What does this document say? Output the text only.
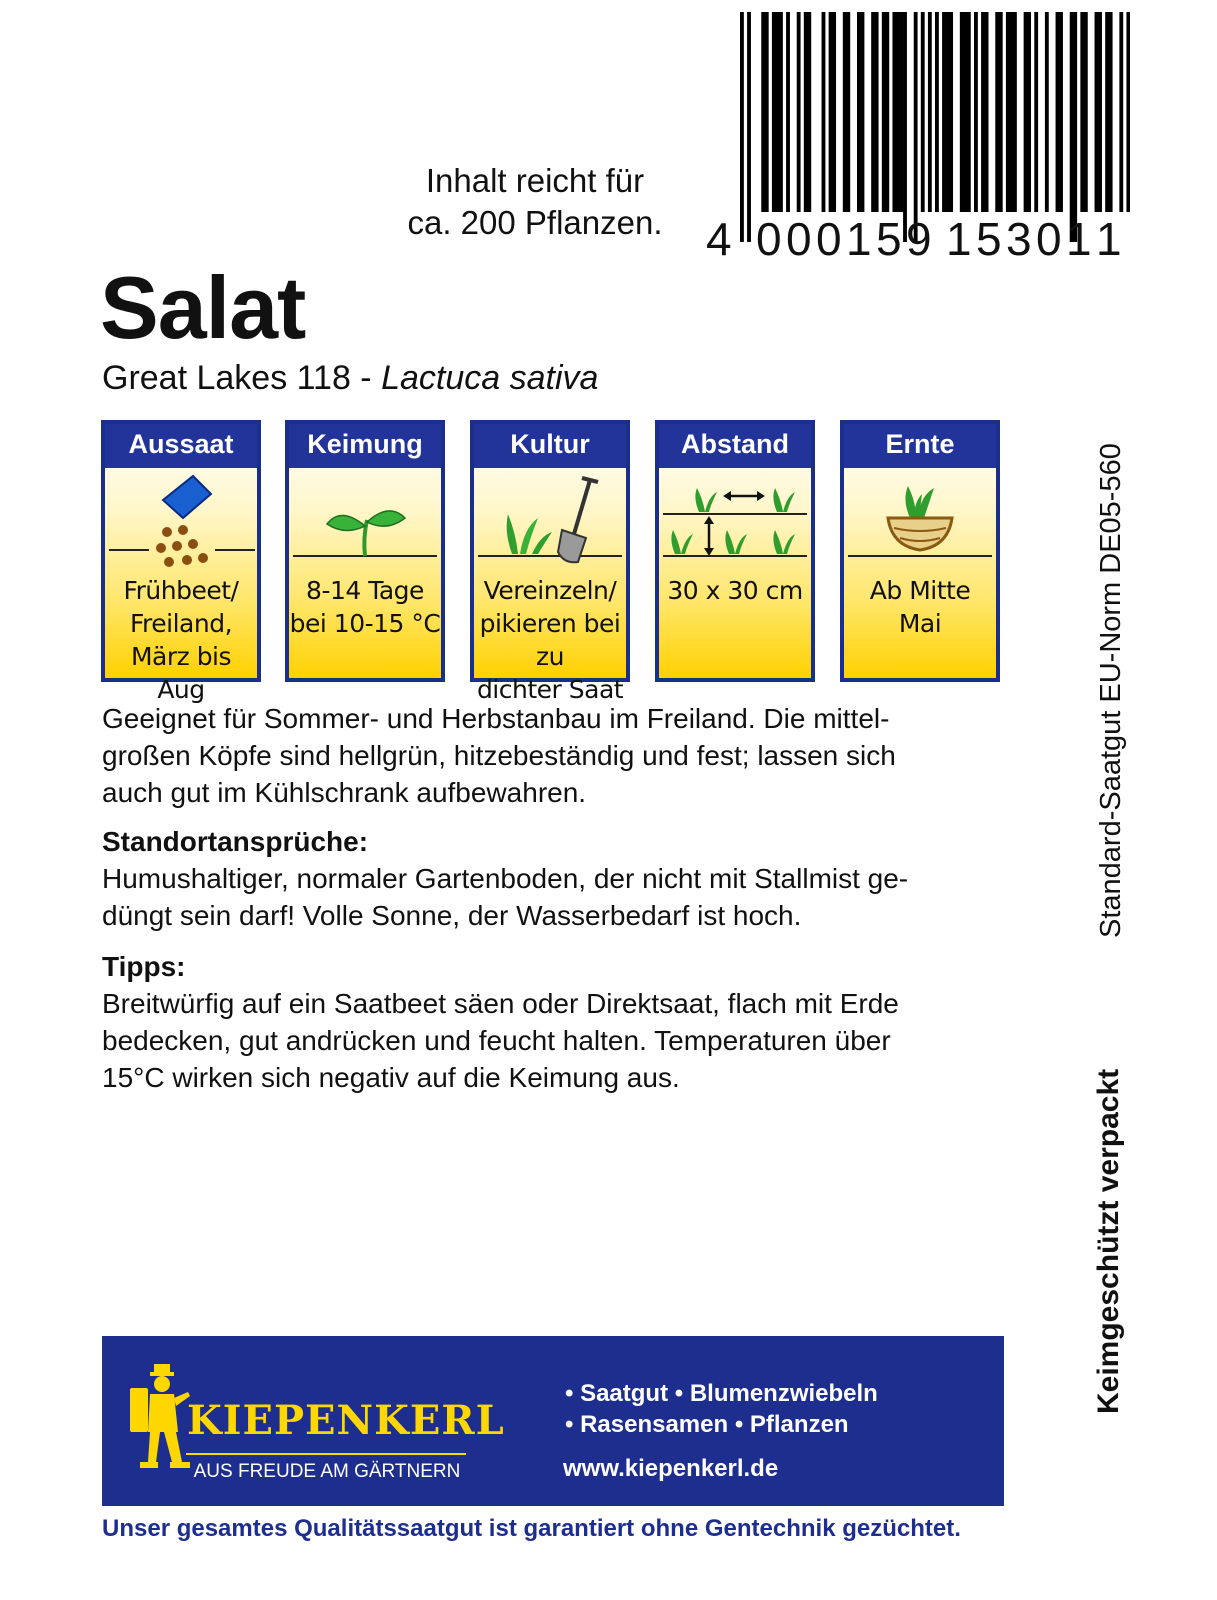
4 0 0 0 1 5 9 1 5 3 0 1 1
Inhalt reicht für
ca. 200 Pflanzen.
Salat
Great Lakes 118 - Lactuca sativa
Aussaat
Frühbeet/
Freiland,
März bis Aug
Keimung
8-14 Tage
bei 10-15 °C
Kultur
Vereinzeln/
pikieren bei zu
dichter Saat
Abstand
30 x 30 cm
Ernte
Ab Mitte
Mai
Geeignet für Sommer- und Herbstanbau im Freiland. Die mittel-
großen Köpfe sind hellgrün, hitzebeständig und fest; lassen sich
auch gut im Kühlschrank aufbewahren.
Standortansprüche:
Humushaltiger, normaler Gartenboden, der nicht mit Stallmist ge-
düngt sein darf! Volle Sonne, der Wasserbedarf ist hoch.
Tipps:
Breitwürfig auf ein Saatbeet säen oder Direktsaat, flach mit Erde
bedecken, gut andrücken und feucht halten. Temperaturen über
15°C wirken sich negativ auf die Keimung aus.
Standard-Saatgut EU-Norm DE05-560
Keimgeschützt verpackt
KIEPENKERL
AUS FREUDE AM GÄRTNERN
• Saatgut • Blumenzwiebeln
• Rasensamen • Pflanzen
www.kiepenkerl.de
Unser gesamtes Qualitätssaatgut ist garantiert ohne Gentechnik gezüchtet.
